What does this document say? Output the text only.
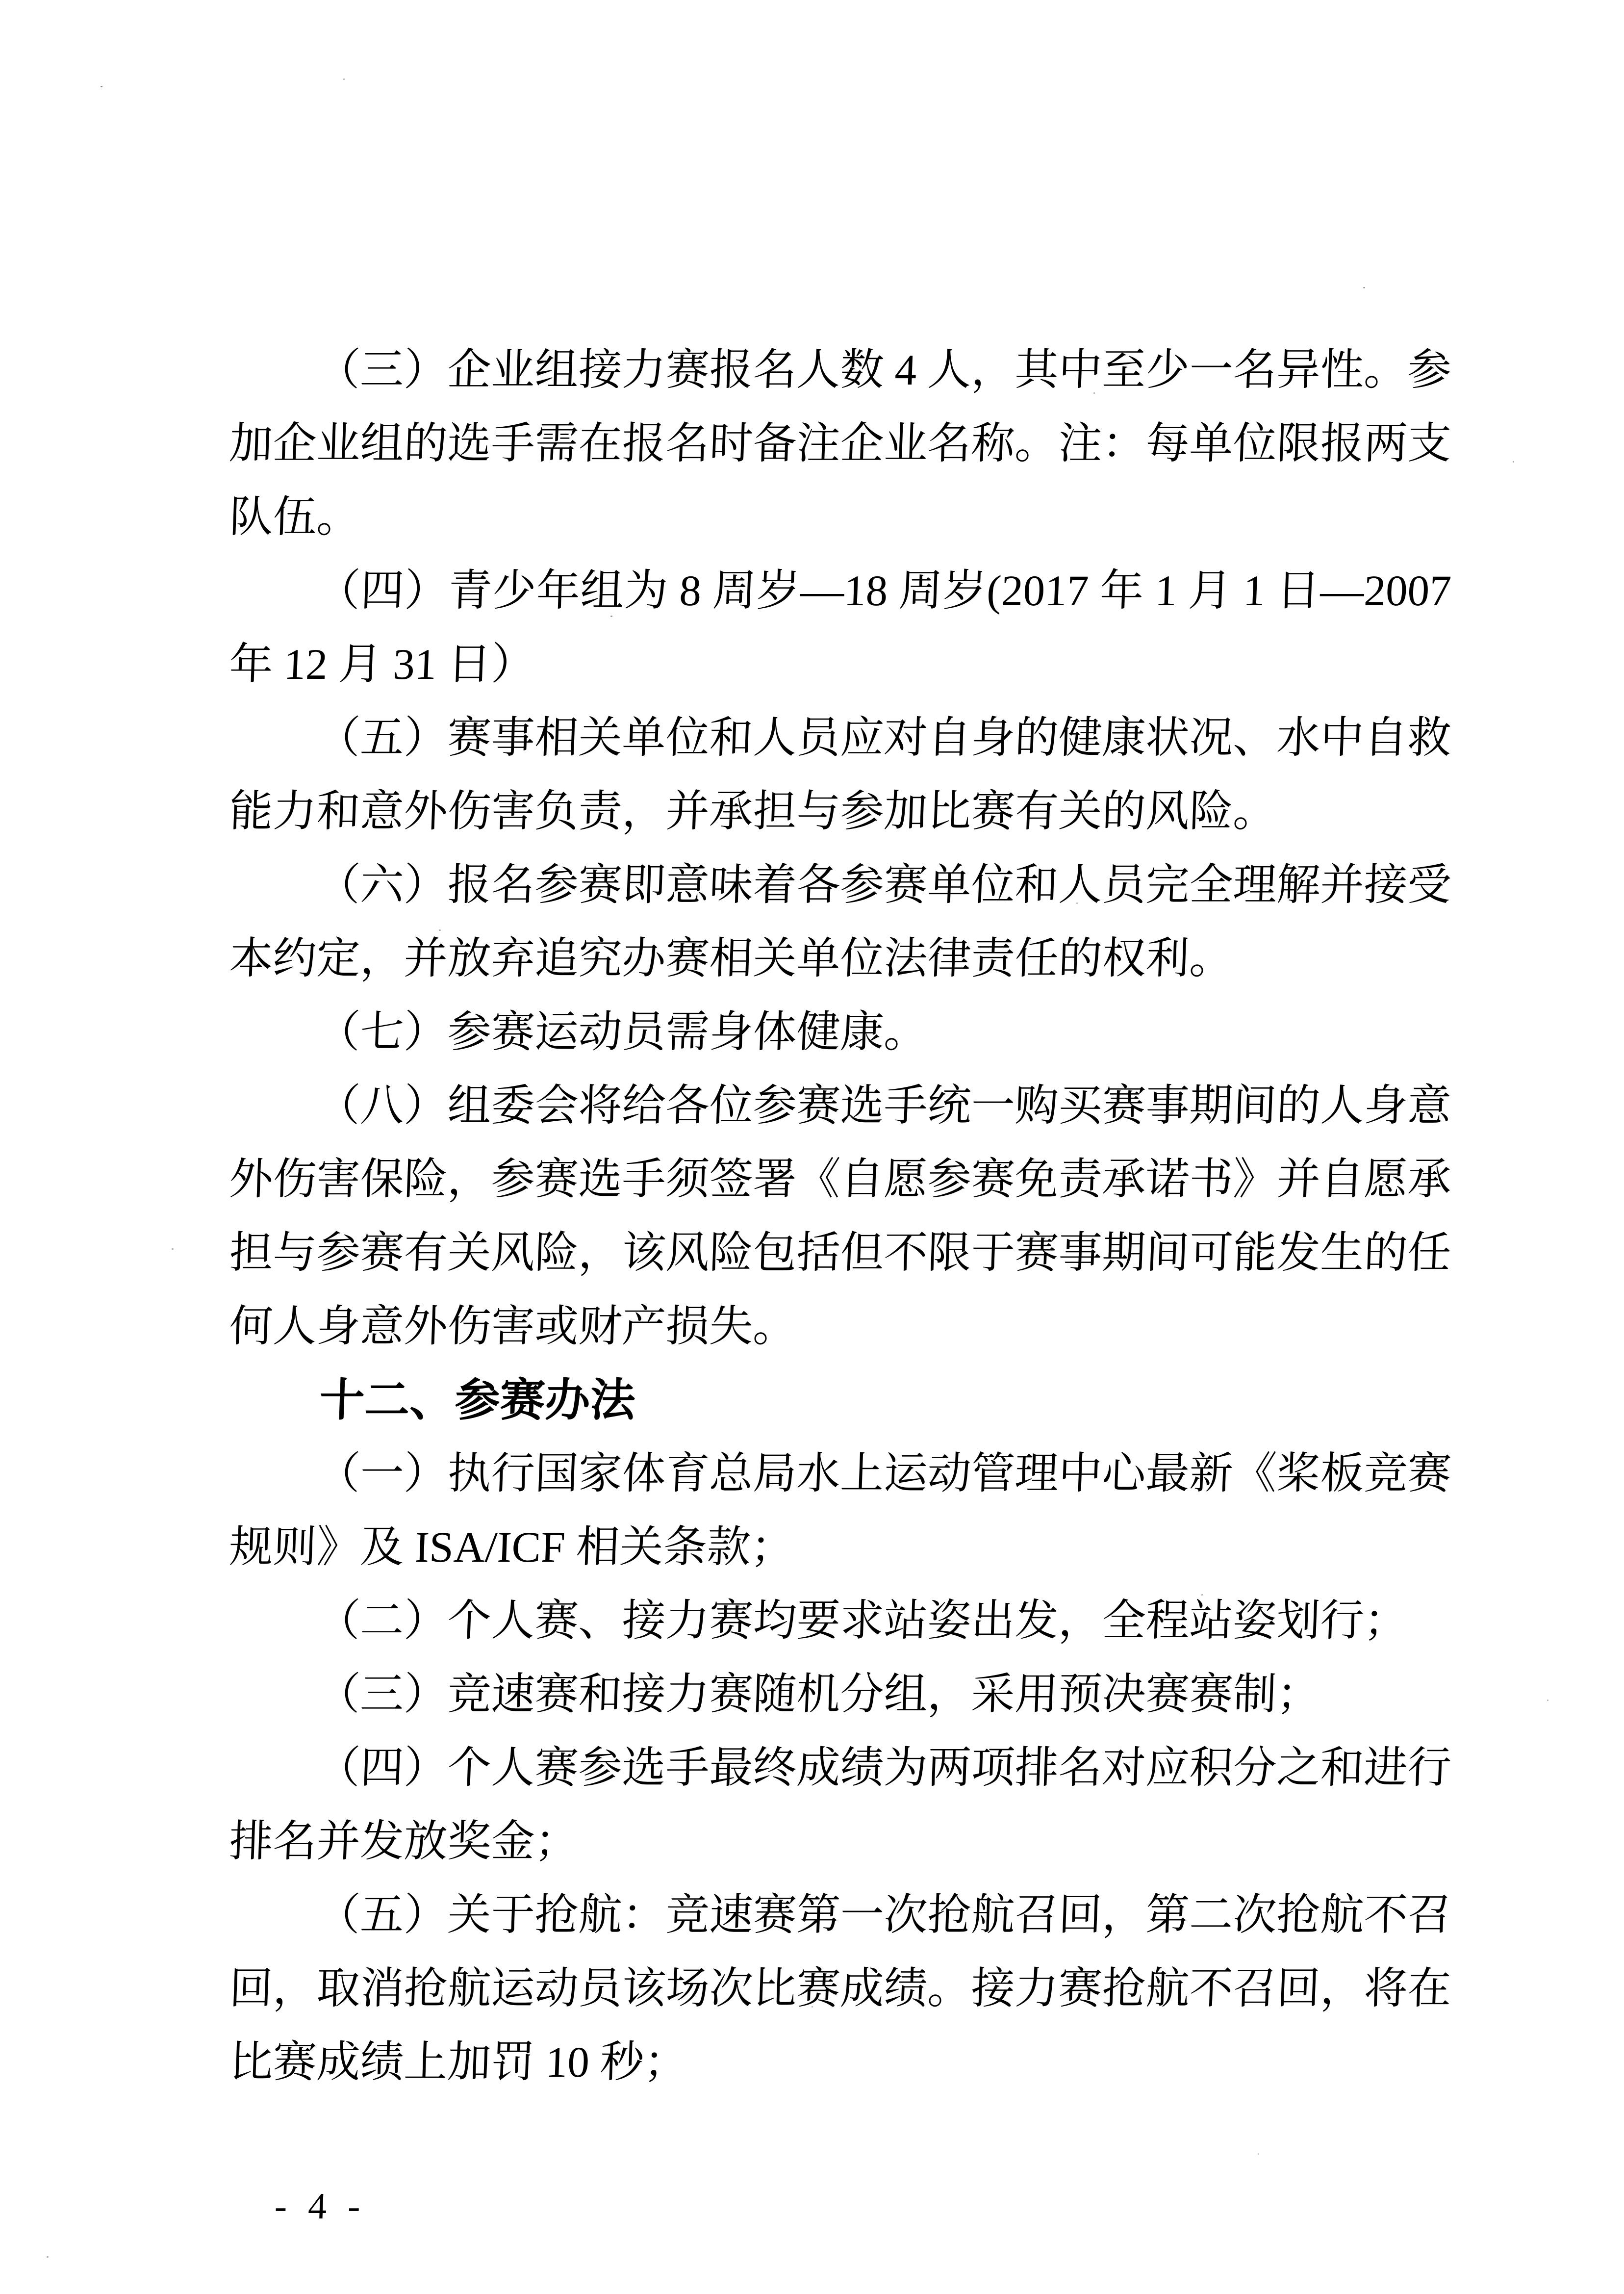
（三）企业组接力赛报名人数 4 人，其中至少一名异性。参
加企业组的选手需在报名时备注企业名称。注：每单位限报两支
队伍。
（四）青少年组为 8 周岁—18 周岁(2017 年 1 月 1 日—2007
年 12 月 31 日）
（五）赛事相关单位和人员应对自身的健康状况、水中自救
能力和意外伤害负责，并承担与参加比赛有关的风险。
（六）报名参赛即意味着各参赛单位和人员完全理解并接受
本约定，并放弃追究办赛相关单位法律责任的权利。
（七）参赛运动员需身体健康。
（八）组委会将给各位参赛选手统一购买赛事期间的人身意
外伤害保险，参赛选手须签署《自愿参赛免责承诺书》并自愿承
担与参赛有关风险，该风险包括但不限于赛事期间可能发生的任
何人身意外伤害或财产损失。
十二、参赛办法
（一）执行国家体育总局水上运动管理中心最新《桨板竞赛
规则》及 ISA/ICF 相关条款；
（二）个人赛、接力赛均要求站姿出发，全程站姿划行；
（三）竞速赛和接力赛随机分组，采用预决赛赛制；
（四）个人赛参选手最终成绩为两项排名对应积分之和进行
排名并发放奖金；
（五）关于抢航：竞速赛第一次抢航召回，第二次抢航不召
回，取消抢航运动员该场次比赛成绩。接力赛抢航不召回，将在
比赛成绩上加罚 10 秒；
- 4 -
